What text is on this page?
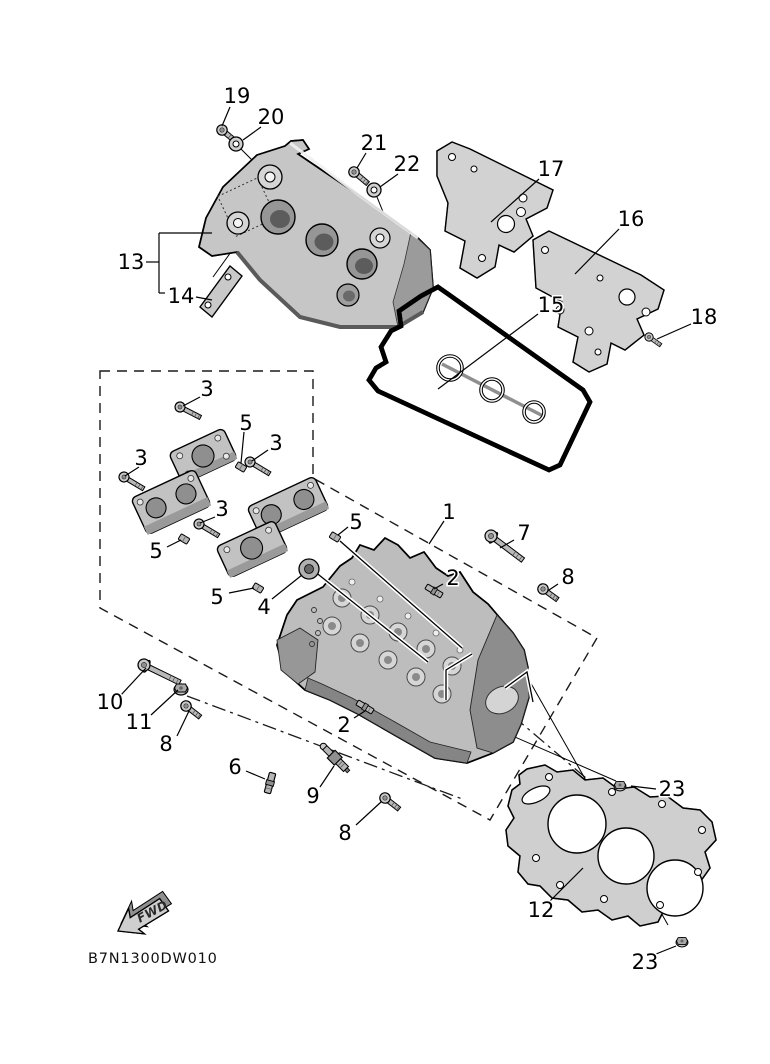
FWD
19
20
21
22	17
16
18
15
13
14
3
5
3
3
3
5
5
5
4
1
7
2	8
10
11
8
6
9
2
8
23
12
23
B7N1300DW010
